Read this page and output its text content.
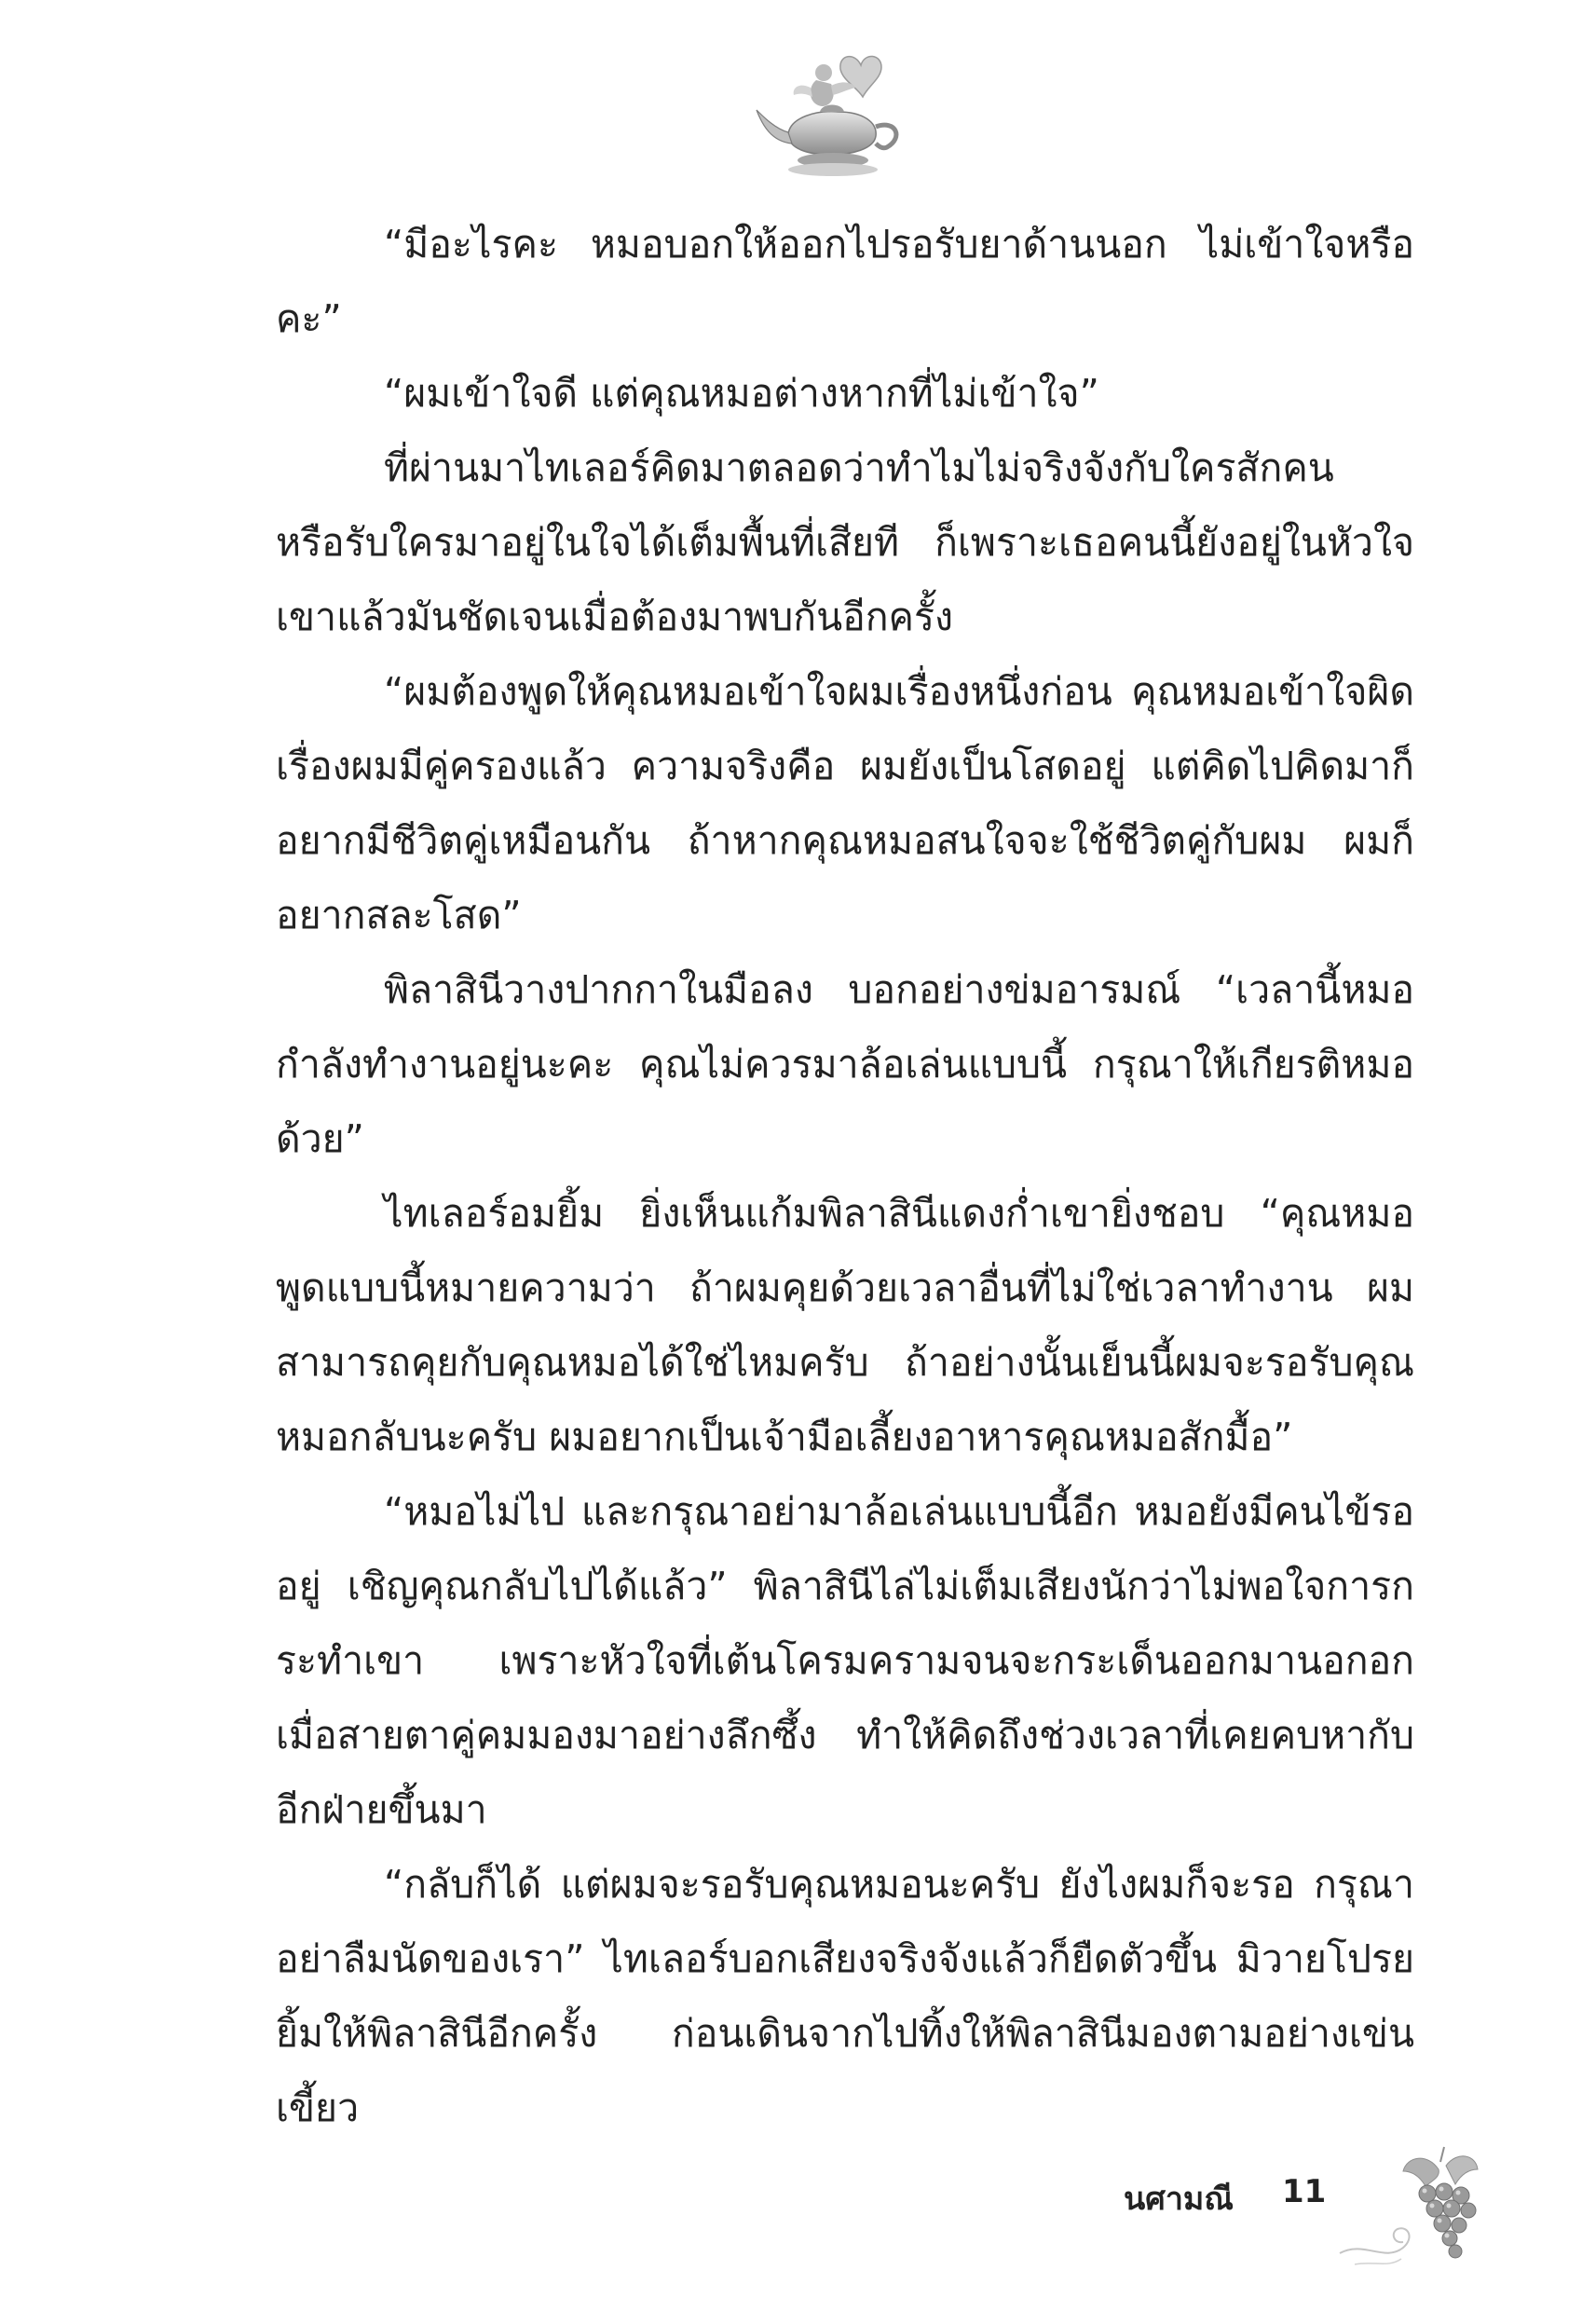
“มีอะไรคะ หมอบอกให้ออกไปรอรับยาด้านนอก ไม่เข้าใจหรือคะ”

“ผมเข้าใจดี แต่คุณหมอต่างหากที่ไม่เข้าใจ”

ที่ผ่านมาไทเลอร์คิดมาตลอดว่าทำไมไม่จริงจังกับใครสักคน หรือรับใครมาอยู่ในใจได้เต็มพื้นที่เสียที ก็เพราะเธอคนนี้ยังอยู่ในหัวใจเขาแล้วมันชัดเจนเมื่อต้องมาพบกันอีกครั้ง

“ผมต้องพูดให้คุณหมอเข้าใจผมเรื่องหนึ่งก่อน คุณหมอเข้าใจผิดเรื่องผมมีคู่ครองแล้ว ความจริงคือ ผมยังเป็นโสดอยู่ แต่คิดไปคิดมาก็อยากมีชีวิตคู่เหมือนกัน ถ้าหากคุณหมอสนใจจะใช้ชีวิตคู่กับผม ผมก็อยากสละโสด”

พิลาสินีวางปากกาในมือลง บอกอย่างข่มอารมณ์ “เวลานี้หมอกำลังทำงานอยู่นะคะ คุณไม่ควรมาล้อเล่นแบบนี้ กรุณาให้เกียรติหมอด้วย”

ไทเลอร์อมยิ้ม ยิ่งเห็นแก้มพิลาสินีแดงก่ำเขายิ่งชอบ “คุณหมอพูดแบบนี้หมายความว่า ถ้าผมคุยด้วยเวลาอื่นที่ไม่ใช่เวลาทำงาน ผมสามารถคุยกับคุณหมอได้ใช่ไหมครับ ถ้าอย่างนั้นเย็นนี้ผมจะรอรับคุณหมอกลับนะครับ ผมอยากเป็นเจ้ามือเลี้ยงอาหารคุณหมอสักมื้อ”

“หมอไม่ไป และกรุณาอย่ามาล้อเล่นแบบนี้อีก หมอยังมีคนไข้รออยู่ เชิญคุณกลับไปได้แล้ว” พิลาสินีไล่ไม่เต็มเสียงนักว่าไม่พอใจการกระทำเขา เพราะหัวใจที่เต้นโครมครามจนจะกระเด็นออกมานอกอก เมื่อสายตาคู่คมมองมาอย่างลึกซึ้ง ทำให้คิดถึงช่วงเวลาที่เคยคบหากับอีกฝ่ายขึ้นมา

“กลับก็ได้ แต่ผมจะรอรับคุณหมอนะครับ ยังไงผมก็จะรอ กรุณาอย่าลืมนัดของเรา” ไทเลอร์บอกเสียงจริงจังแล้วก็ยืดตัวขึ้น มิวายโปรยยิ้มให้พิลาสินีอีกครั้ง ก่อนเดินจากไปทิ้งให้พิลาสินีมองตามอย่างเข่นเขี้ยว

นศามณี 11
